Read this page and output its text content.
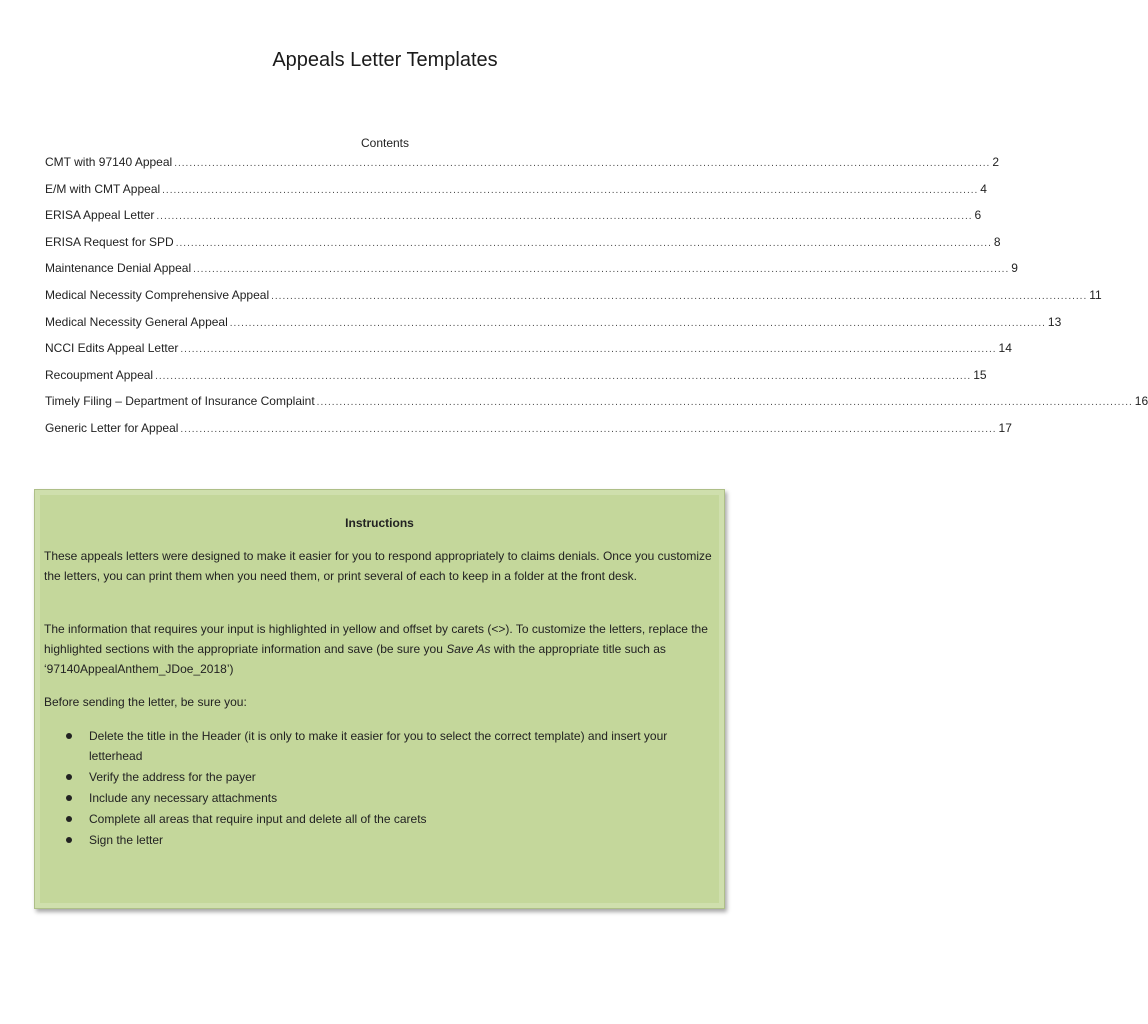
Appeals Letter Templates
Contents
CMT with 97140 Appeal ........................................................................................................................................................................................................................ 2
E/M with CMT Appeal ........................................................................................................................................................................................................................ 4
ERISA Appeal Letter ........................................................................................................................................................................................................................ 6
ERISA Request for SPD ........................................................................................................................................................................................................................ 8
Maintenance Denial Appeal ........................................................................................................................................................................................................................ 9
Medical Necessity Comprehensive Appeal ........................................................................................................................................................................................................................ 11
Medical Necessity General Appeal ........................................................................................................................................................................................................................ 13
NCCI Edits Appeal Letter ........................................................................................................................................................................................................................ 14
Recoupment Appeal ........................................................................................................................................................................................................................ 15
Timely Filing – Department of Insurance Complaint ........................................................................................................................................................................................................................ 16
Generic Letter for Appeal ........................................................................................................................................................................................................................ 17
Instructions

These appeals letters were designed to make it easier for you to respond appropriately to claims denials. Once you customize the letters, you can print them when you need them, or print several of each to keep in a folder at the front desk.

The information that requires your input is highlighted in yellow and offset by carets (<>). To customize the letters, replace the highlighted sections with the appropriate information and save (be sure you Save As with the appropriate title such as ‘97140AppealAnthem_JDoe_2018’)

Before sending the letter, be sure you:

Delete the title in the Header (it is only to make it easier for you to select the correct template) and insert your letterhead
Verify the address for the payer
Include any necessary attachments
Complete all areas that require input and delete all of the carets
Sign the letter
